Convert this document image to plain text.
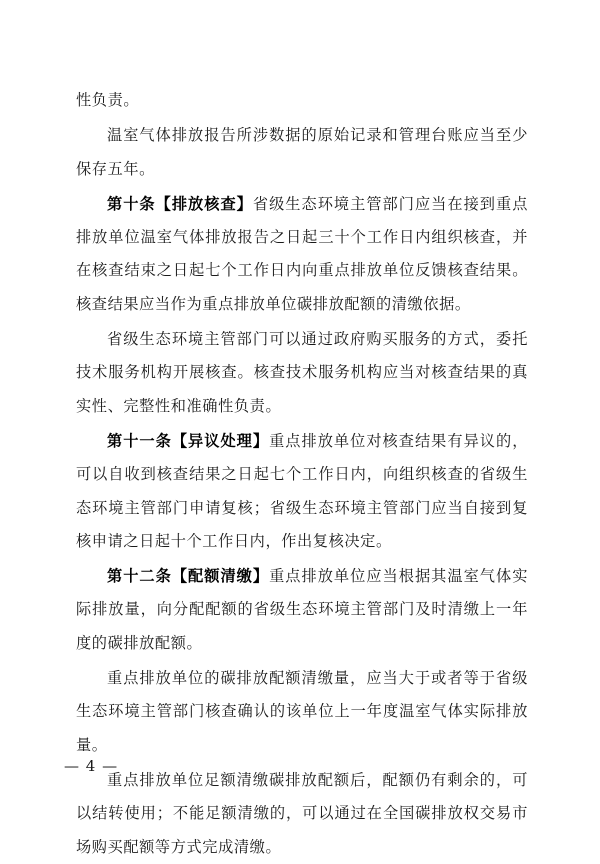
性负责。

温室气体排放报告所涉数据的原始记录和管理台账应当至少保存五年。

第十条【排放核查】省级生态环境主管部门应当在接到重点排放单位温室气体排放报告之日起三十个工作日内组织核查，并在核查结束之日起七个工作日内向重点排放单位反馈核查结果。核查结果应当作为重点排放单位碳排放配额的清缴依据。

省级生态环境主管部门可以通过政府购买服务的方式，委托技术服务机构开展核查。核查技术服务机构应当对核查结果的真实性、完整性和准确性负责。

第十一条【异议处理】重点排放单位对核查结果有异议的，可以自收到核查结果之日起七个工作日内，向组织核查的省级生态环境主管部门申请复核；省级生态环境主管部门应当自接到复核申请之日起十个工作日内，作出复核决定。

第十二条【配额清缴】重点排放单位应当根据其温室气体实际排放量，向分配配额的省级生态环境主管部门及时清缴上一年度的碳排放配额。

重点排放单位的碳排放配额清缴量，应当大于或者等于省级生态环境主管部门核查确认的该单位上一年度温室气体实际排放量。

重点排放单位足额清缴碳排放配额后，配额仍有剩余的，可以结转使用；不能足额清缴的，可以通过在全国碳排放权交易市场购买配额等方式完成清缴。

— 4 —
